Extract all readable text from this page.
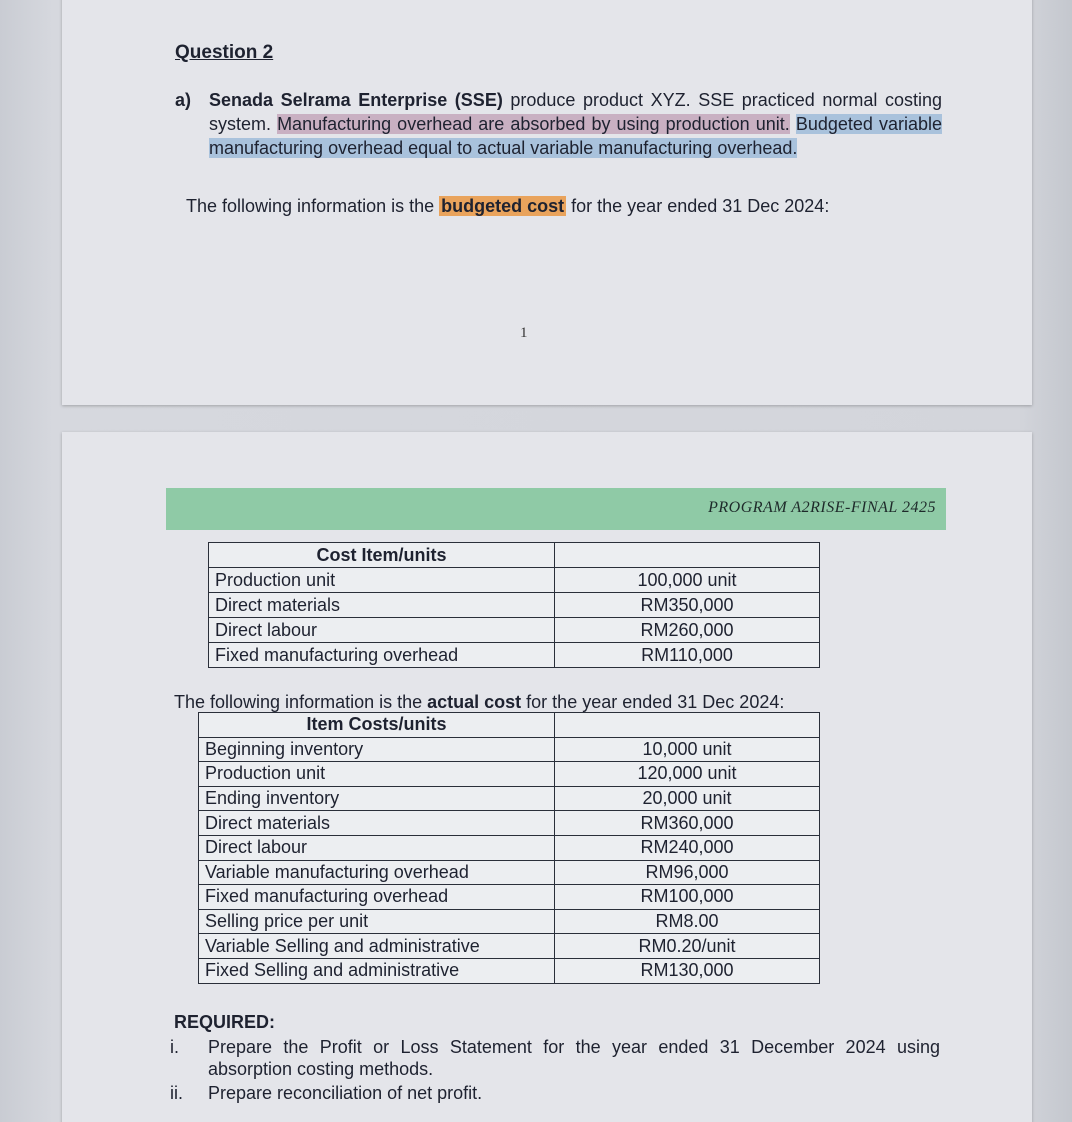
Question 2
a) Senada Selrama Enterprise (SSE) produce product XYZ. SSE practiced normal costing system. Manufacturing overhead are absorbed by using production unit. Budgeted variable manufacturing overhead equal to actual variable manufacturing overhead.
The following information is the budgeted cost for the year ended 31 Dec 2024:
1
PROGRAM A2RISE-FINAL 2425
Cost Item/units	
Production unit	100,000 unit
Direct materials	RM350,000
Direct labour	RM260,000
Fixed manufacturing overhead	RM110,000
The following information is the actual cost for the year ended 31 Dec 2024:
Item Costs/units	
Beginning inventory	10,000 unit
Production unit	120,000 unit
Ending inventory	20,000 unit
Direct materials	RM360,000
Direct labour	RM240,000
Variable manufacturing overhead	RM96,000
Fixed manufacturing overhead	RM100,000
Selling price per unit	RM8.00
Variable Selling and administrative	RM0.20/unit
Fixed Selling and administrative	RM130,000
REQUIRED:
i. Prepare the Profit or Loss Statement for the year ended 31 December 2024 using absorption costing methods.
ii. Prepare reconciliation of net profit.
